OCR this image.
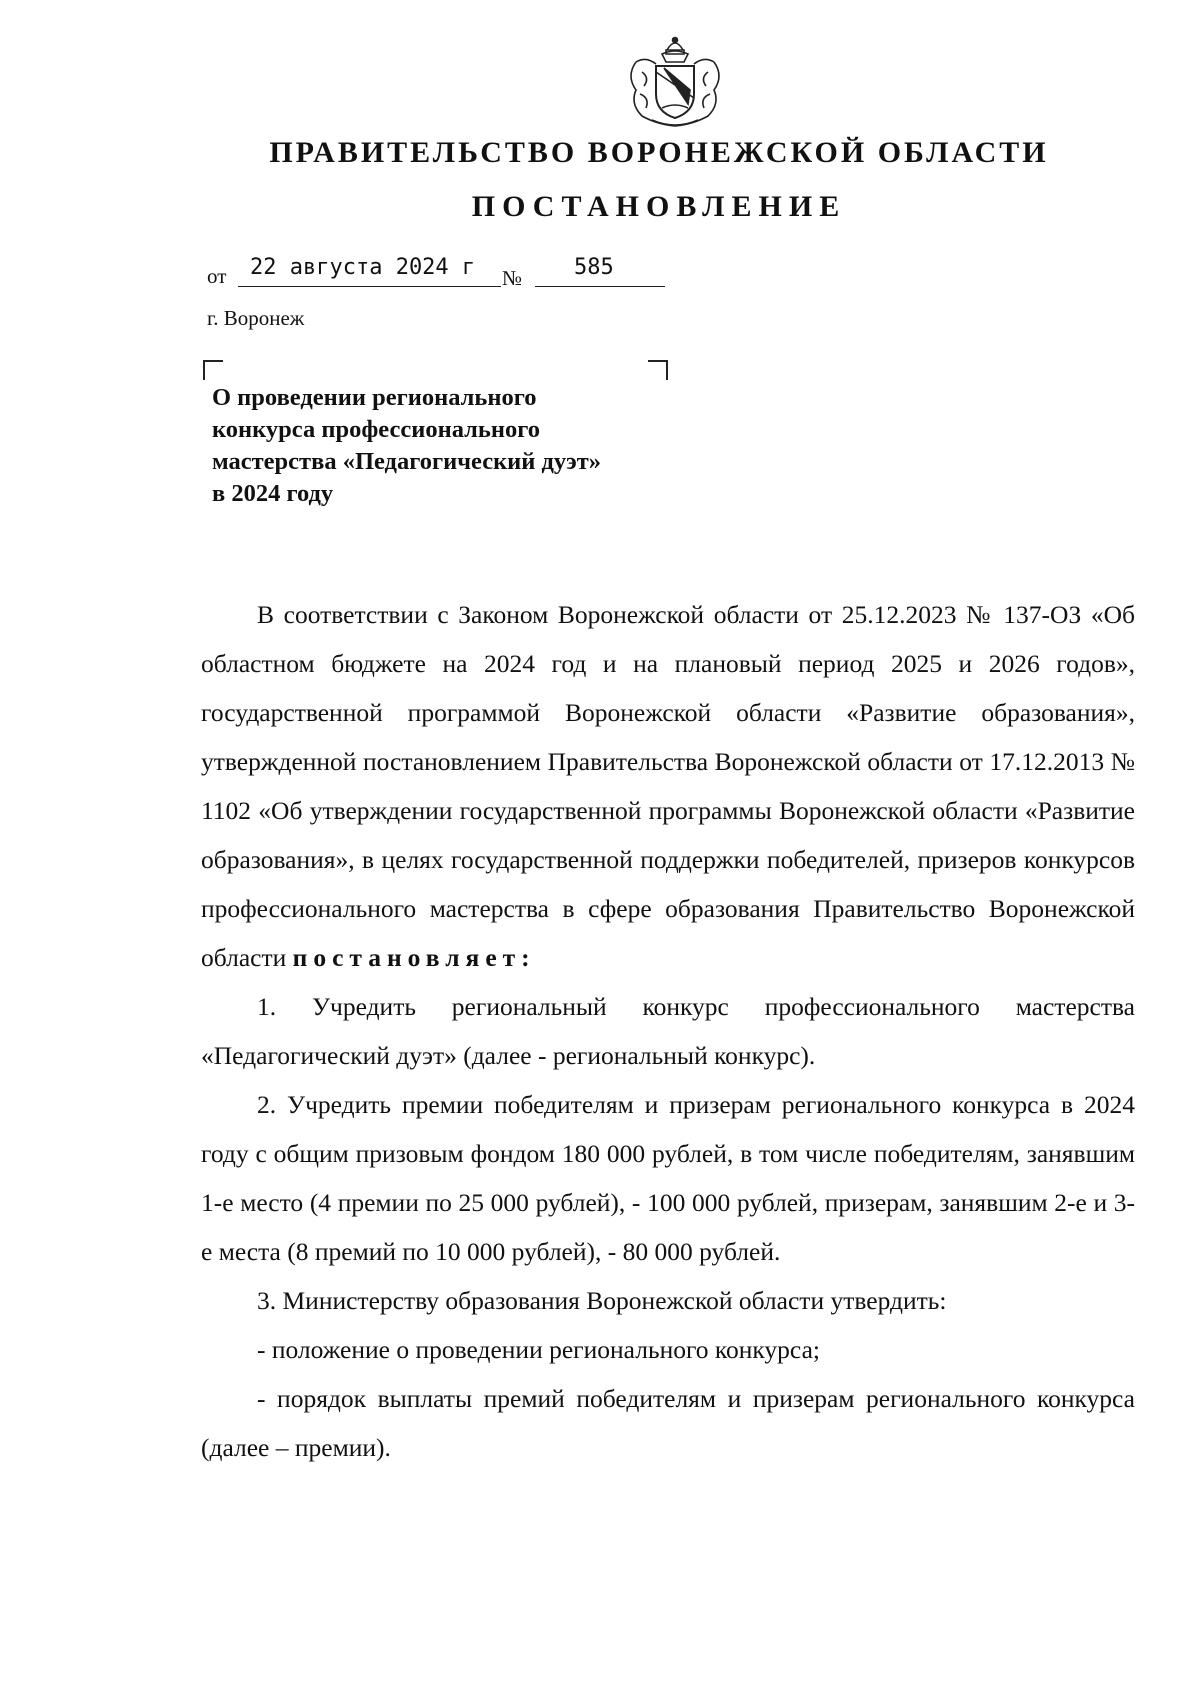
ПРАВИТЕЛЬСТВО ВОРОНЕЖСКОЙ ОБЛАСТИ
ПОСТАНОВЛЕНИЕ
от 22 августа 2024 г № 585
г. Воронеж
О проведении регионального
конкурса профессионального
мастерства «Педагогический дуэт»
в 2024 году

В соответствии с Законом Воронежской области от 25.12.2023 № 137-ОЗ «Об областном бюджете на 2024 год и на плановый период 2025 и 2026 годов», государственной программой Воронежской области «Развитие образования», утвержденной постановлением Правительства Воронежской области от 17.12.2013 № 1102 «Об утверждении государственной программы Воронежской области «Развитие образования», в целях государственной поддержки победителей, призеров конкурсов профессионального мастерства в сфере образования Правительство Воронежской области постановляет:

1. Учредить региональный конкурс профессионального мастерства «Педагогический дуэт» (далее - региональный конкурс).

2. Учредить премии победителям и призерам регионального конкурса в 2024 году с общим призовым фондом 180 000 рублей, в том числе победителям, занявшим 1-е место (4 премии по 25 000 рублей), - 100 000 рублей, призерам, занявшим 2-е и 3-е места (8 премий по 10 000 рублей), - 80 000 рублей.

3. Министерству образования Воронежской области утвердить:

- положение о проведении регионального конкурса;

- порядок выплаты премий победителям и призерам регионального конкурса (далее – премии).
